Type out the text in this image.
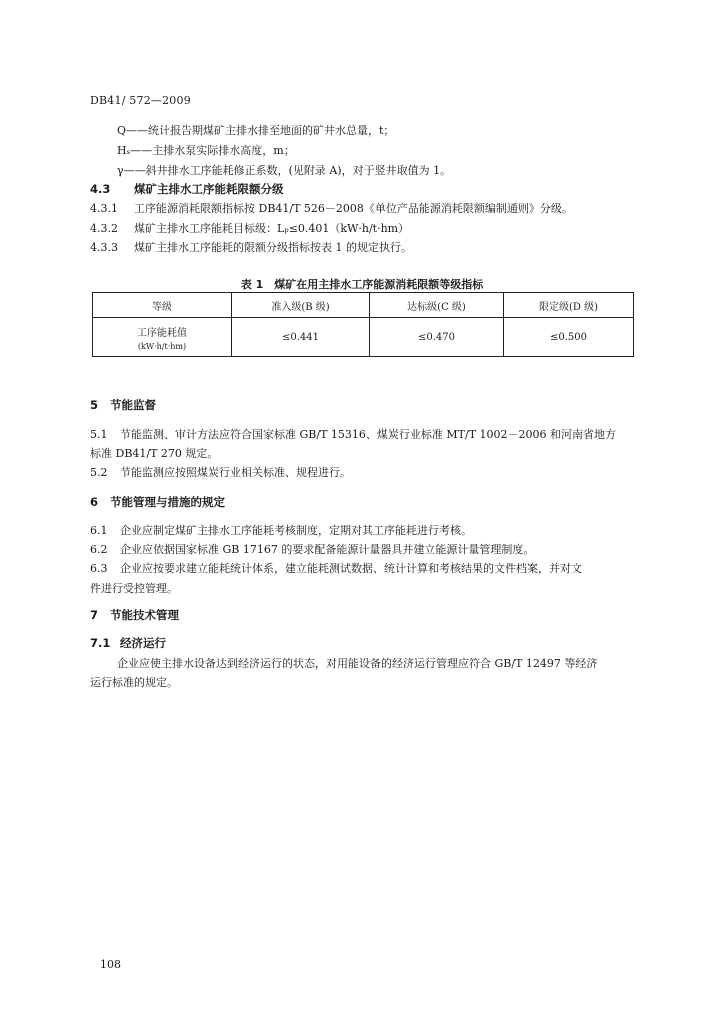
DB41/ 572—2009
Q——统计报告期煤矿主排水排至地面的矿井水总量，t；
Hₛ——主排水泵实际排水高度，m；
γ——斜井排水工序能耗修正系数，(见附录 A)，对于竖井取值为 1。
4.3 煤矿主排水工序能耗限额分级
4.3.1 工序能源消耗限额指标按 DB41/T 526－2008《单位产品能源消耗限额编制通则》分级。
4.3.2 煤矿主排水工序能耗目标级：Lₚ≤0.401（kW·h/t·hm）
4.3.3 煤矿主排水工序能耗的限额分级指标按表 1 的规定执行。
表 1　煤矿在用主排水工序能源消耗限额等级指标
等级	准入级(B 级)	达标级(C 级)	限定级(D 级)
工序能耗值
(kW·h/t·hm)	≤0.441	≤0.470	≤0.500
5 节能监督
5.1 节能监测、审计方法应符合国家标准 GB/T 15316、煤炭行业标准 MT/T 1002－2006 和河南省地方
标准 DB41/T 270 规定。
5.2 节能监测应按照煤炭行业相关标准、规程进行。
6 节能管理与措施的规定
6.1 企业应制定煤矿主排水工序能耗考核制度，定期对其工序能耗进行考核。
6.2 企业应依据国家标准 GB 17167 的要求配备能源计量器具并建立能源计量管理制度。
6.3 企业应按要求建立能耗统计体系，建立能耗测试数据、统计计算和考核结果的文件档案，并对文
件进行受控管理。
7 节能技术管理
7.1 经济运行
企业应使主排水设备达到经济运行的状态，对用能设备的经济运行管理应符合 GB/T 12497 等经济
运行标准的规定。
108
